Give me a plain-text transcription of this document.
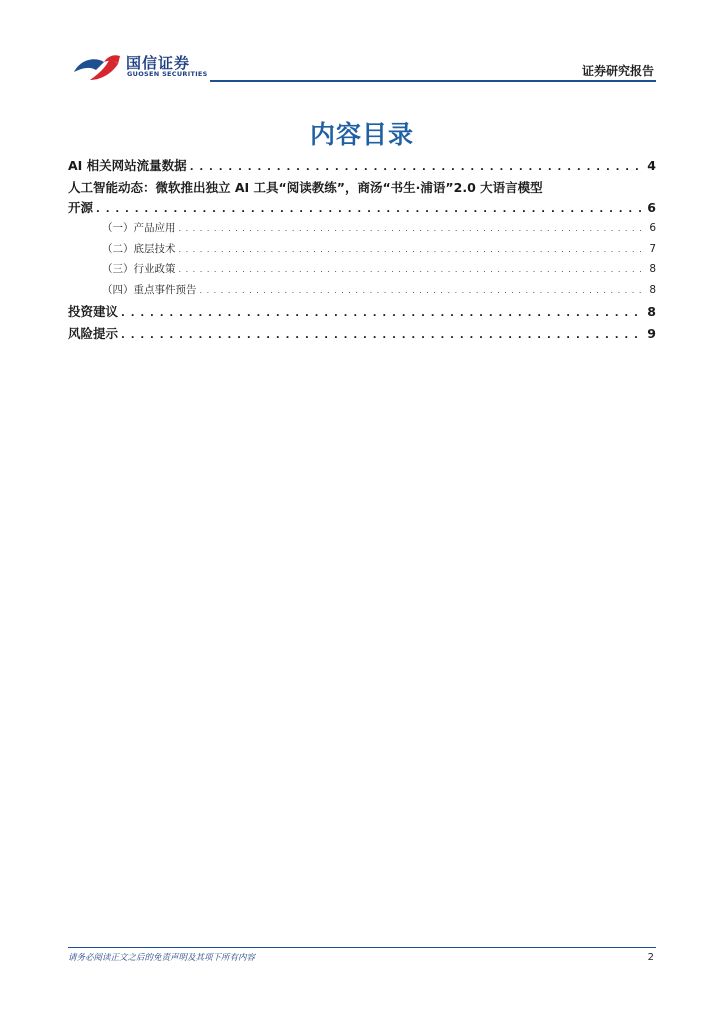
国信证券
GUOSEN SECURITIES	证券研究报告
内容目录
AI 相关网站流量数据 . . .	4
人工智能动态：微软推出独立 AI 工具“阅读教练”，商汤“书生·浦语”2.0 大语言模型
开源 . . .	6
（一）产品应用 . . .	6
（二）底层技术 . . .	7
（三）行业政策 . . .	8
（四）重点事件预告 . . .	8
投资建议 . . .	8
风险提示 . . .	9
请务必阅读正文之后的免责声明及其项下所有内容	2
